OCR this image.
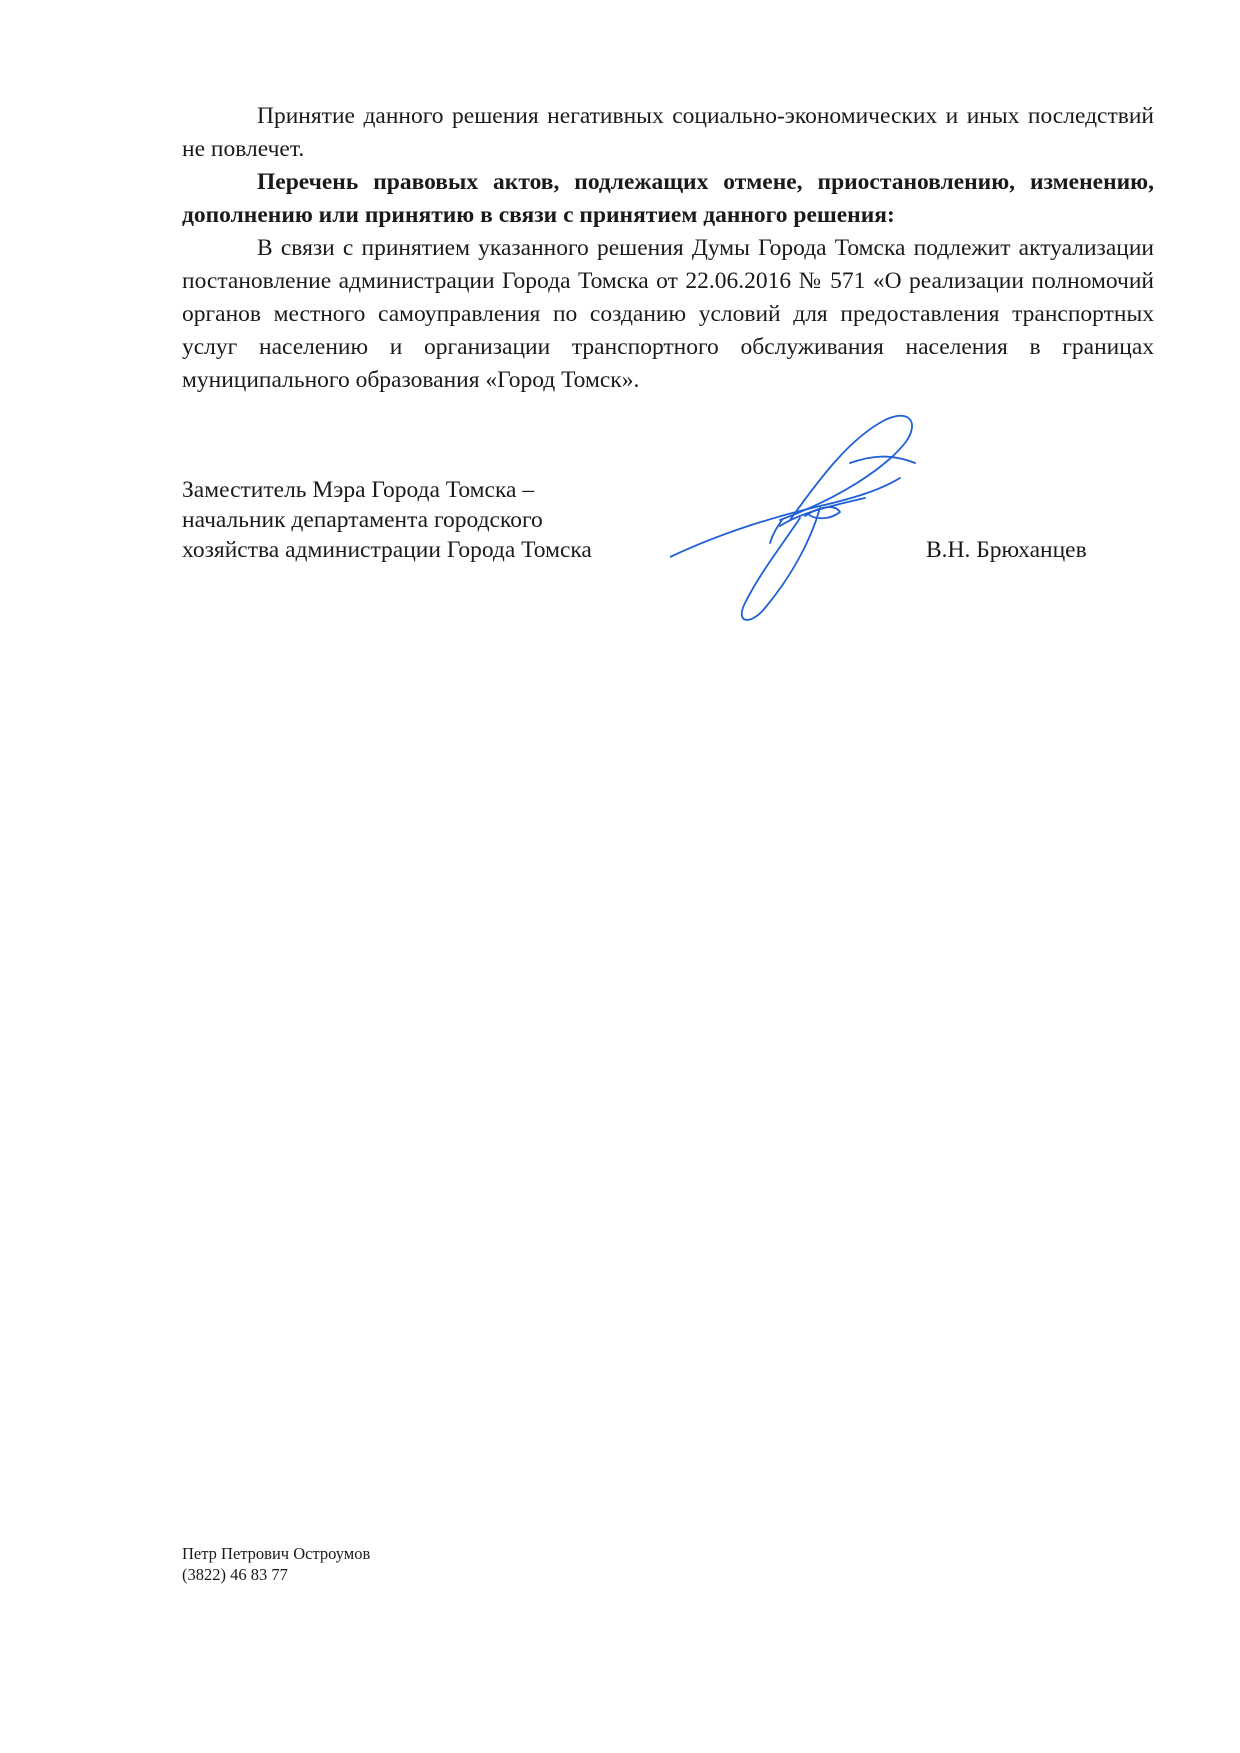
Принятие данного решения негативных социально-экономических и иных последствий не повлечет.

Перечень правовых актов, подлежащих отмене, приостановлению, изменению, дополнению или принятию в связи с принятием данного решения:

В связи с принятием указанного решения Думы Города Томска подлежит актуализации постановление администрации Города Томска от 22.06.2016 № 571 «О реализации полномочий органов местного самоуправления по созданию условий для предоставления транспортных услуг населению и организации транспортного обслуживания населения в границах муниципального образования «Город Томск».

Заместитель Мэра Города Томска –
начальник департамента городского
хозяйства администрации Города Томска	В.Н. Брюханцев
Петр Петрович Остроумов
(3822) 46 83 77
